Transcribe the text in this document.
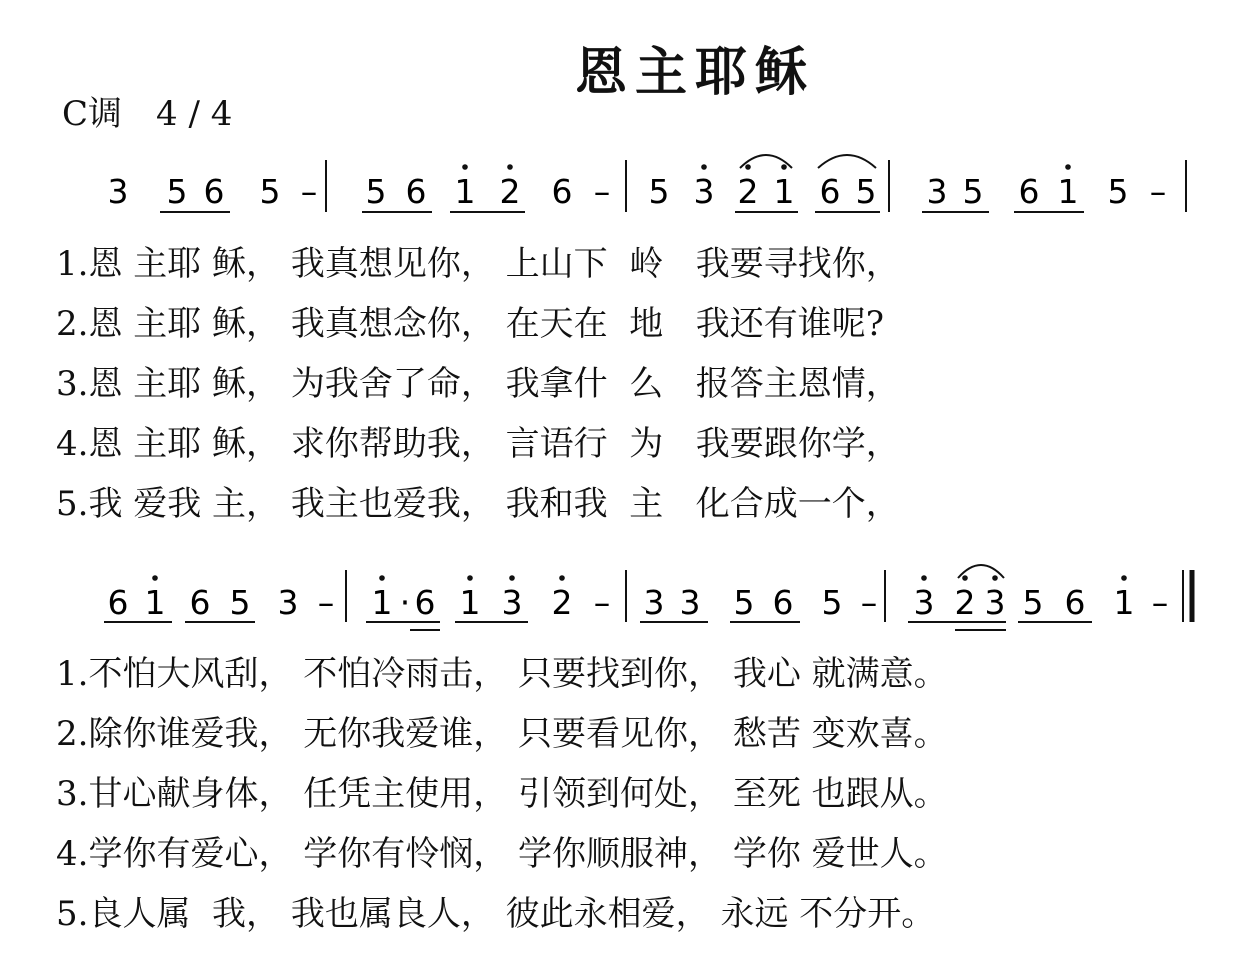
恩主耶稣
C调　4 / 4
3 5 6 5 – 5 6 1 2 6 – 5 3 2 1 6 5 3 5 6 1 5 –
6 1 6 5 3 – 1 · 6 1 3 2 – 3 3 5 6 5 – 3 2 3 5 6 1 –
1.恩 主耶 稣， 我真想见你， 上山下  岭   我要寻找你，
2.恩 主耶 稣， 我真想念你， 在天在  地   我还有谁呢?
3.恩 主耶 稣， 为我舍了命， 我拿什  么   报答主恩情，
4.恩 主耶 稣， 求你帮助我， 言语行  为   我要跟你学，
5.我 爱我 主， 我主也爱我， 我和我  主   化合成一个，
1.不怕大风刮， 不怕冷雨击， 只要找到你， 我心 就满意。
2.除你谁爱我， 无你我爱谁， 只要看见你， 愁苦 变欢喜。
3.甘心献身体， 任凭主使用， 引领到何处， 至死 也跟从。
4.学你有爱心， 学你有怜悯， 学你顺服神， 学你 爱世人。
5.良人属  我， 我也属良人， 彼此永相爱， 永远 不分开。
